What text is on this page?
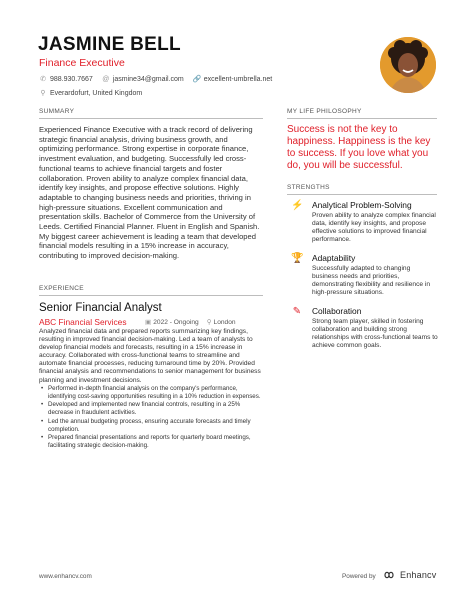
JASMINE BELL
Finance Executive
✆ 988.930.7667 @ jasmine34@gmail.com 🔗 excellent-umbrella.net
⚲ Everardofurt, United Kingdom
SUMMARY
Experienced Finance Executive with a track record of delivering strategic financial analysis, driving business growth, and optimizing performance. Strong expertise in corporate finance, investment evaluation, and budgeting. Successfully led cross-functional teams to achieve financial targets and foster collaboration. Proven ability to analyze complex financial data, identify key insights, and propose effective solutions. Highly adaptable to changing business needs and priorities, thriving in high-pressure situations. Excellent communication and presentation skills. Bachelor of Commerce from the University of Leeds. Certified Financial Planner. Fluent in English and Spanish. My biggest career achievement is leading a team that developed financial models resulting in a 15% increase in accuracy, contributing to improved decision-making.
EXPERIENCE
Senior Financial Analyst
ABC Financial Services	▣ 2022 - Ongoing ⚲ London
Analyzed financial data and prepared reports summarizing key findings, resulting in improved financial decision-making. Led a team of analysts to develop financial models and forecasts, resulting in a 15% increase in accuracy. Collaborated with cross-functional teams to streamline and automate financial processes, reducing turnaround time by 20%. Provided financial analysis and recommendations to senior management for business planning and investment decisions.
• Performed in-depth financial analysis on the company's performance, identifying cost-saving opportunities resulting in a 10% reduction in expenses.
• Developed and implemented new financial controls, resulting in a 25% decrease in fraudulent activities.
• Led the annual budgeting process, ensuring accurate forecasts and timely completion.
• Prepared financial presentations and reports for quarterly board meetings, facilitating strategic decision-making.
MY LIFE PHILOSOPHY
Success is not the key to happiness. Happiness is the key to success. If you love what you do, you will be successful.
STRENGTHS
⚡ Analytical Problem-Solving
Proven ability to analyze complex financial data, identify key insights, and propose effective solutions to improved financial performance.
🏆 Adaptability
Successfully adapted to changing business needs and priorities, demonstrating flexibility and resilience in high-pressure situations.
✎ Collaboration
Strong team player, skilled in fostering collaboration and building strong relationships with cross-functional teams to achieve common goals.
www.enhancv.com	Powered by	Enhancv
